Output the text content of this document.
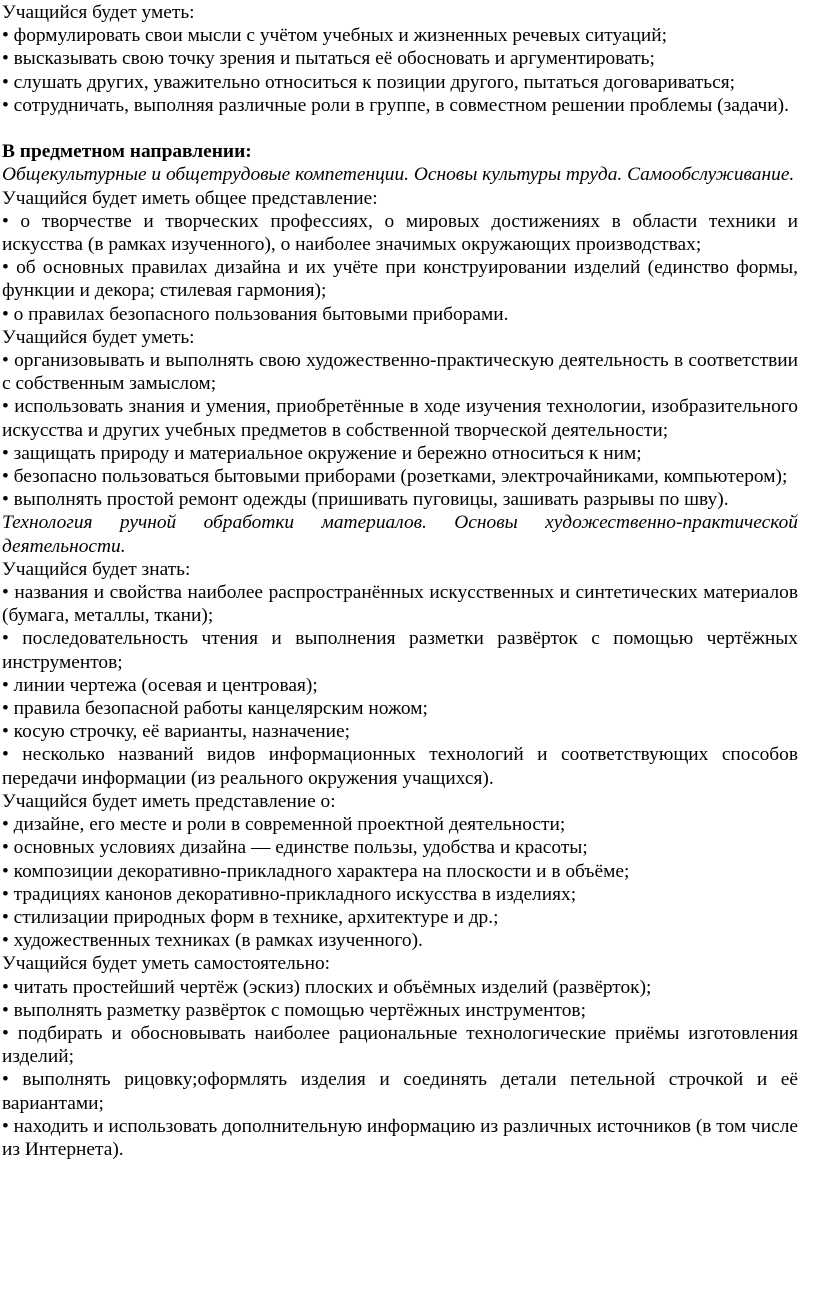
Учащийся будет уметь:

• формулировать свои мысли с учётом учебных и жизненных речевых ситуаций;

• высказывать свою точку зрения и пытаться её обосновать и аргументировать;

• слушать других, уважительно относиться к позиции другого, пытаться договариваться;

• сотрудничать, выполняя различные роли в группе, в совместном решении проблемы (задачи).

В предметном направлении:

Общекультурные и общетрудовые компетенции. Основы культуры труда. Самообслуживание.

Учащийся будет иметь общее представление:

• о творчестве и творческих профессиях, о мировых достижениях в области техники и искусства (в рамках изученного), о наиболее значимых окружающих производствах;

• об основных правилах дизайна и их учёте при конструировании изделий (единство формы, функции и декора; стилевая гармония);

• о правилах безопасного пользования бытовыми приборами.

Учащийся будет уметь:

• организовывать и выполнять свою художественно-практическую деятельность в соответствии с собственным замыслом;

• использовать знания и умения, приобретённые в ходе изучения технологии, изобразительного искусства и других учебных предметов в собственной творческой деятельности;

• защищать природу и материальное окружение и бережно относиться к ним;

• безопасно пользоваться бытовыми приборами (розетками, электрочайниками, компьютером);

• выполнять простой ремонт одежды (пришивать пуговицы, зашивать разрывы по шву).

Технология ручной обработки материалов. Основы художественно-практической деятельности.

Учащийся будет знать:

• названия и свойства наиболее распространённых искусственных и синтетических материалов (бумага, металлы, ткани);

• последовательность чтения и выполнения разметки развёрток с помощью чертёжных инструментов;

• линии чертежа (осевая и центровая);

• правила безопасной работы канцелярским ножом;

• косую строчку, её варианты, назначение;

• несколько названий видов информационных технологий и соответствующих способов передачи информации (из реального окружения учащихся).

Учащийся будет иметь представление о:

• дизайне, его месте и роли в современной проектной деятельности;

• основных условиях дизайна — единстве пользы, удобства и красоты;

• композиции декоративно-прикладного характера на плоскости и в объёме;

• традициях канонов декоративно-прикладного искусства в изделиях;

• стилизации природных форм в технике, архитектуре и др.;

• художественных техниках (в рамках изученного).

Учащийся будет уметь самостоятельно:

• читать простейший чертёж (эскиз) плоских и объёмных изделий (развёрток);

• выполнять разметку развёрток с помощью чертёжных инструментов;

• подбирать и обосновывать наиболее рациональные технологические приёмы изготовления изделий;

• выполнять рицовку;оформлять изделия и соединять детали петельной строчкой и её вариантами;

• находить и использовать дополнительную информацию из различных источников (в том числе из Интернета).
